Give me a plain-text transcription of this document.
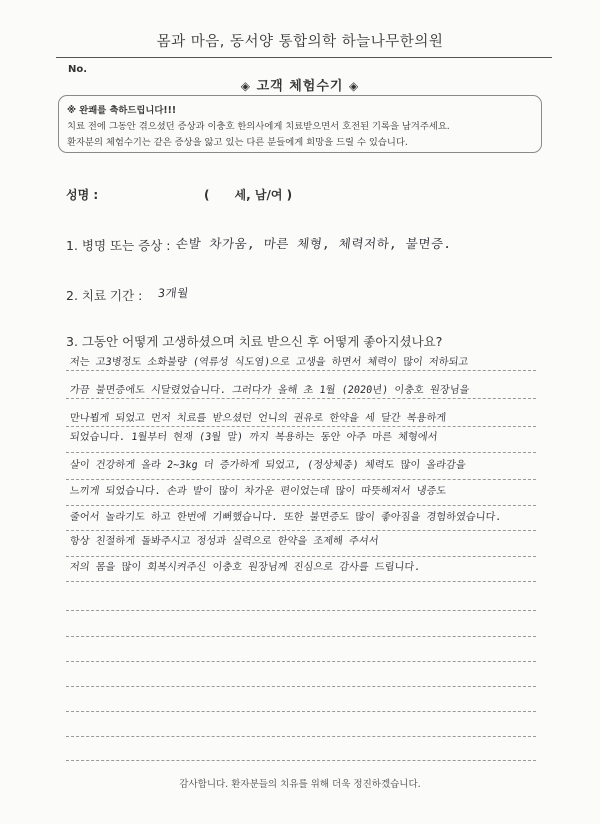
몸과 마음, 동서양 통합의학 하늘나무한의원
No.
◈ 고객 체험수기 ◈
※ 완쾌를 축하드립니다!!!
치료 전에 그동안 겪으셨던 증상과 이충호 한의사에게 치료받으면서 호전된 기록을 남겨주세요.
환자분의 체험수기는 같은 증상을 앓고 있는 다른 분들에게 희망을 드릴 수 있습니다.
성명 :	(      세, 남/여 )
1. 병명 또는 증상 : 손발 차가움, 마른 체형, 체력저하, 불면증.
2. 치료 기간 : 3개월
3. 그동안 어떻게 고생하셨으며 치료 받으신 후 어떻게 좋아지셨나요?
저는 고3병정도 소화불량 (역류성 식도염)으로 고생을 하면서 체력이 많이 저하되고
가끔 불면증에도 시달렸었습니다. 그러다가 올해 초 1월 (2020년) 이충호 원장님을
만나뵙게 되었고 먼저 치료를 받으셨던 언니의 권유로 한약을 세 달간 복용하게
되었습니다. 1월부터 현재 (3월 말) 까지 복용하는 동안 아주 마른 체형에서
살이 건강하게 올라 2~3kg 더 증가하게 되었고, (정상체중) 체력도 많이 올라감을
느끼게 되었습니다. 손과 발이 많이 차가운 편이었는데 많이 따뜻해져서 냉증도
줄어서 놀라기도 하고 한번에 기뻐했습니다. 또한 불면증도 많이 좋아짐을 경험하였습니다.
항상 친절하게 돌봐주시고 정성과 실력으로 한약을 조제해 주셔서
저의 몸을 많이 회복시켜주신 이충호 원장님께 진심으로 감사를 드립니다.
감사합니다. 환자분들의 치유를 위해 더욱 정진하겠습니다.
